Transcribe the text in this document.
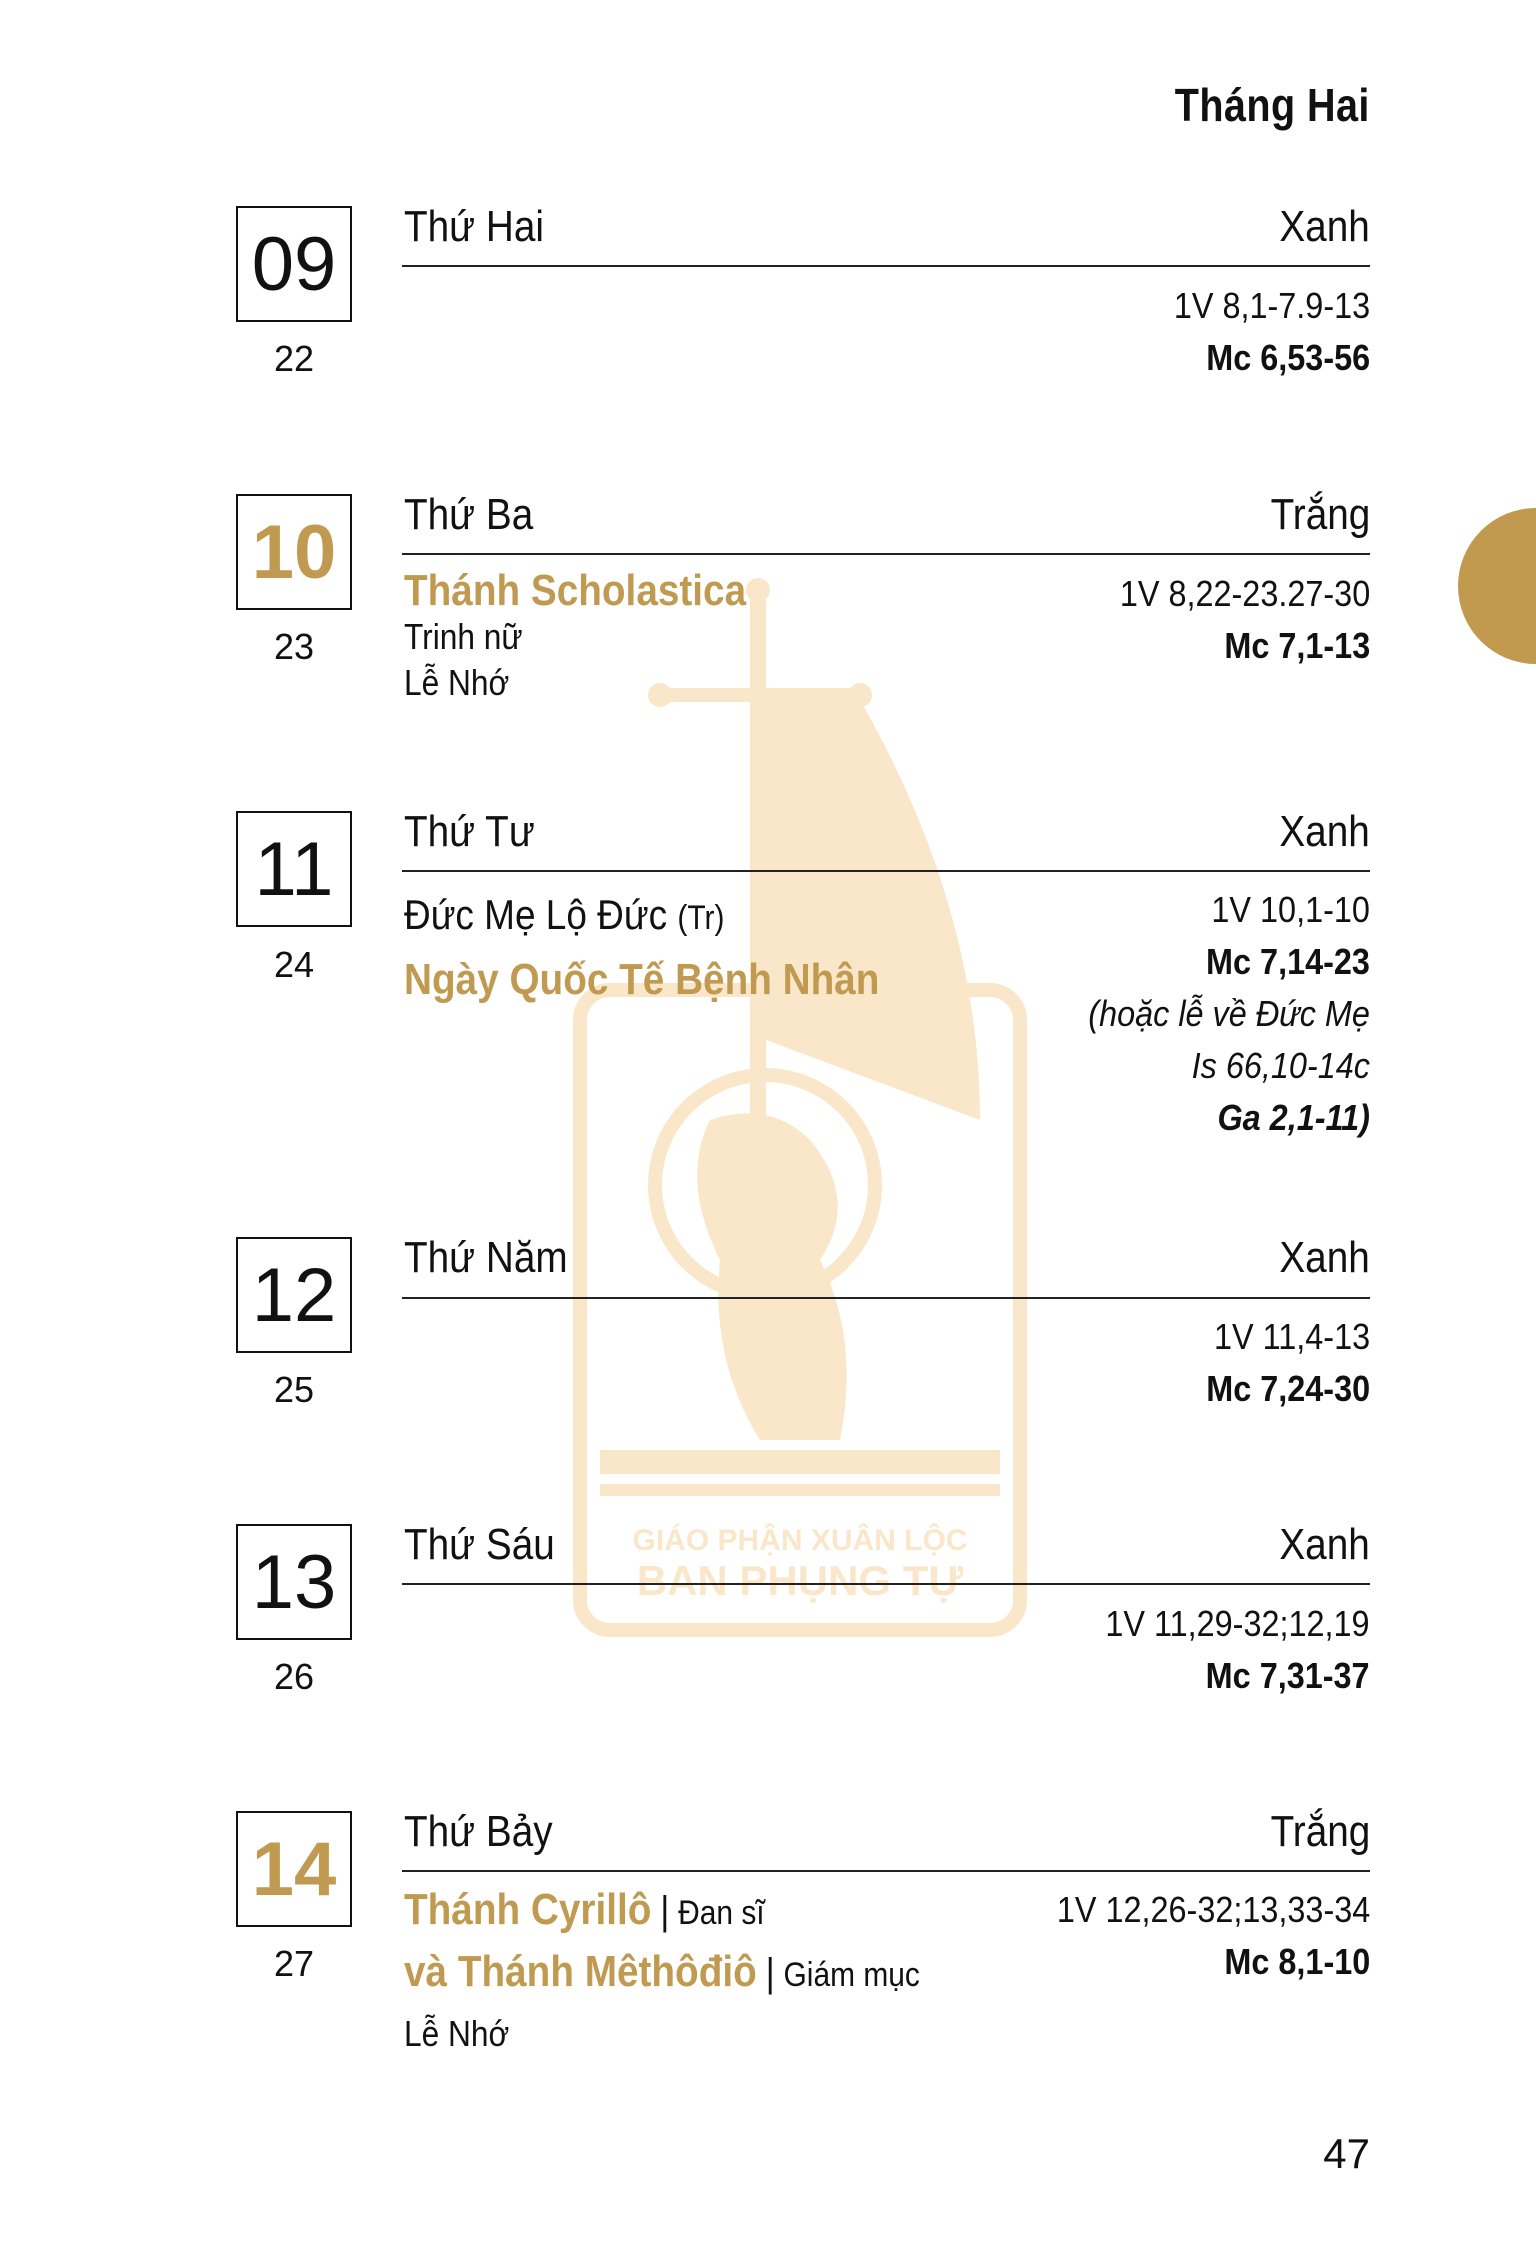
GIÁO PHẬN XUÂN LỘC
BAN PHỤNG TỰ
Tháng Hai
09
22
Thứ Hai	Xanh
1V 8,1-7.9-13
Mc 6,53-56
10
23
Thứ Ba	Trắng
Thánh Scholastica
Trinh nữ
Lễ Nhớ
1V 8,22-23.27-30
Mc 7,1-13
11
24
Thứ Tư	Xanh
Đức Mẹ Lộ Đức (Tr)
Ngày Quốc Tế Bệnh Nhân
1V 10,1-10
Mc 7,14-23
(hoặc lễ về Đức Mẹ
Is 66,10-14c
Ga 2,1-11)
12
25
Thứ Năm	Xanh
1V 11,4-13
Mc 7,24-30
13
26
Thứ Sáu	Xanh
1V 11,29-32;12,19
Mc 7,31-37
14
27
Thứ Bảy	Trắng
Thánh Cyrillô | Đan sĩ
và Thánh Mêthôđiô | Giám mục
Lễ Nhớ
1V 12,26-32;13,33-34
Mc 8,1-10
47
